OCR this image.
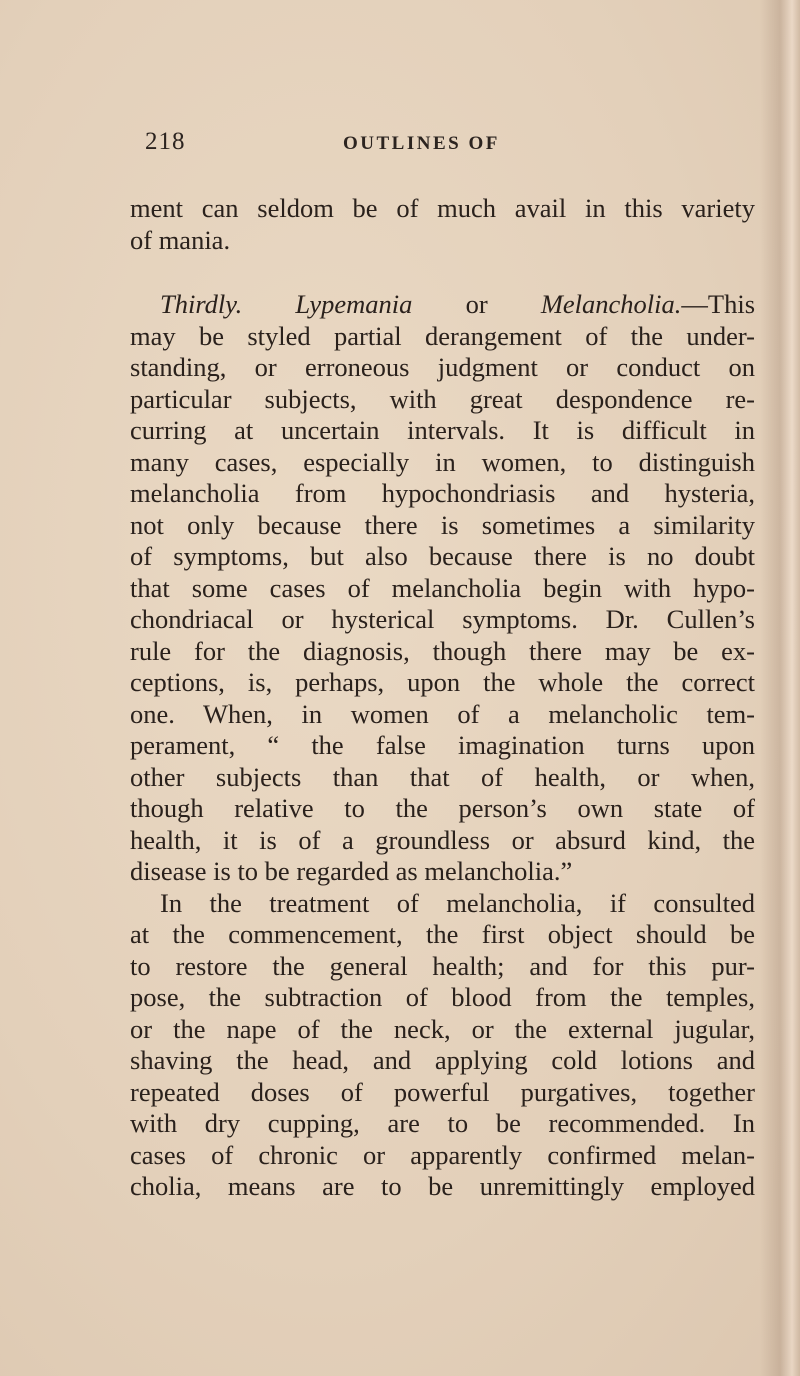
218	OUTLINES OF
ment can seldom be of much avail in this variety
of mania.
Thirdly. Lypemania or Melancholia.—This
may be styled partial derangement of the under-
standing, or erroneous judgment or conduct on
particular subjects, with great despondence re-
curring at uncertain intervals. It is difficult in
many cases, especially in women, to distinguish
melancholia from hypochondriasis and hysteria,
not only because there is sometimes a similarity
of symptoms, but also because there is no doubt
that some cases of melancholia begin with hypo-
chondriacal or hysterical symptoms. Dr. Cullen’s
rule for the diagnosis, though there may be ex-
ceptions, is, perhaps, upon the whole the correct
one. When, in women of a melancholic tem-
perament, “ the false imagination turns upon
other subjects than that of health, or when,
though relative to the person’s own state of
health, it is of a groundless or absurd kind, the
disease is to be regarded as melancholia.”
In the treatment of melancholia, if consulted
at the commencement, the first object should be
to restore the general health; and for this pur-
pose, the subtraction of blood from the temples,
or the nape of the neck, or the external jugular,
shaving the head, and applying cold lotions and
repeated doses of powerful purgatives, together
with dry cupping, are to be recommended. In
cases of chronic or apparently confirmed melan-
cholia, means are to be unremittingly employed
